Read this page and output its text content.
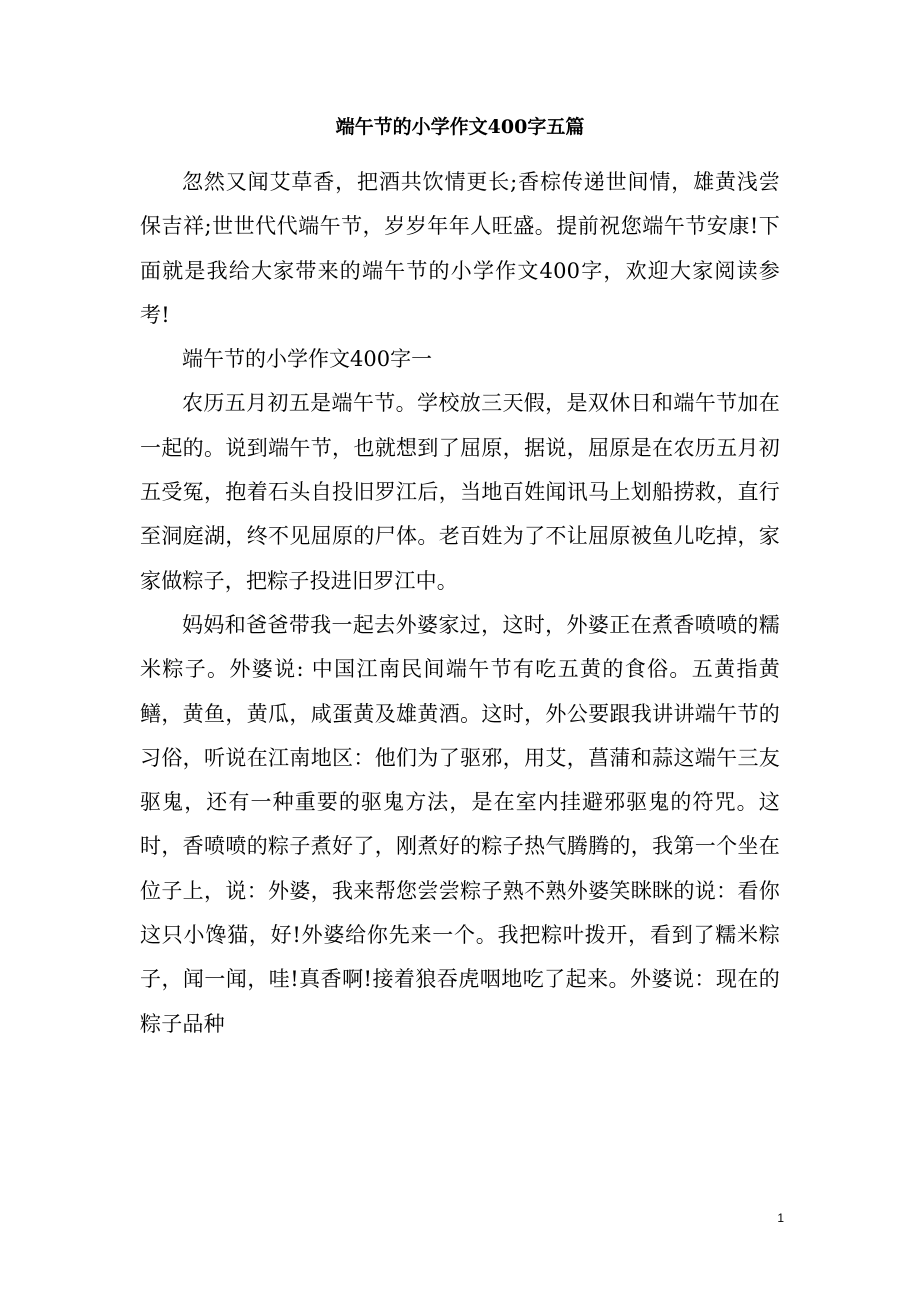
端午节的小学作文400字五篇

忽然又闻艾草香，把酒共饮情更长;香棕传递世间情，雄黄浅尝保吉祥;世世代代端午节，岁岁年年人旺盛。提前祝您端午节安康!下面就是我给大家带来的端午节的小学作文400字，欢迎大家阅读参考!

端午节的小学作文400字一

农历五月初五是端午节。学校放三天假，是双休日和端午节加在一起的。说到端午节，也就想到了屈原，据说，屈原是在农历五月初五受冤，抱着石头自投旧罗江后，当地百姓闻讯马上划船捞救，直行至洞庭湖，终不见屈原的尸体。老百姓为了不让屈原被鱼儿吃掉，家家做粽子，把粽子投进旧罗江中。

妈妈和爸爸带我一起去外婆家过，这时，外婆正在煮香喷喷的糯米粽子。外婆说: 中国江南民间端午节有吃五黄的食俗。五黄指黄鳝，黄鱼，黄瓜，咸蛋黄及雄黄酒。这时，外公要跟我讲讲端午节的习俗，听说在江南地区：他们为了驱邪，用艾，菖蒲和蒜这端午三友驱鬼，还有一种重要的驱鬼方法，是在室内挂避邪驱鬼的符咒。这时，香喷喷的粽子煮好了，刚煮好的粽子热气腾腾的，我第一个坐在位子上，说：外婆，我来帮您尝尝粽子熟不熟外婆笑眯眯的说：看你这只小馋猫，好!外婆给你先来一个。我把粽叶拨开，看到了糯米粽子，闻一闻，哇!真香啊!接着狼吞虎咽地吃了起来。外婆说：现在的粽子品种

1
